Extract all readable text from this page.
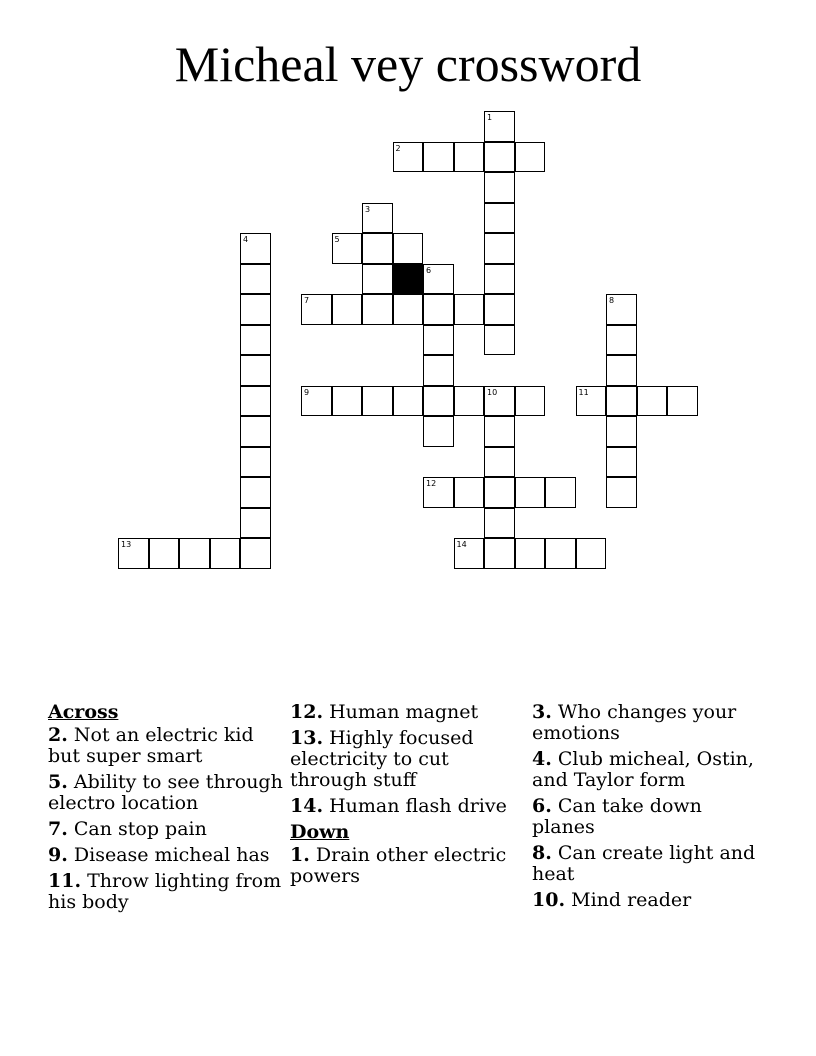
Micheal vey crossword
1
2
3
4	5
6
7	8
9	10	11
12
13	14
Across
2. Not an electric kid but super smart
5. Ability to see through electro location
7. Can stop pain
9. Disease micheal has
11. Throw lighting from his body
12. Human magnet
13. Highly focused electricity to cut through stuff
14. Human flash drive
Down
1. Drain other electric powers
3. Who changes your emotions
4. Club micheal, Ostin, and Taylor form
6. Can take down planes
8. Can create light and heat
10. Mind reader
